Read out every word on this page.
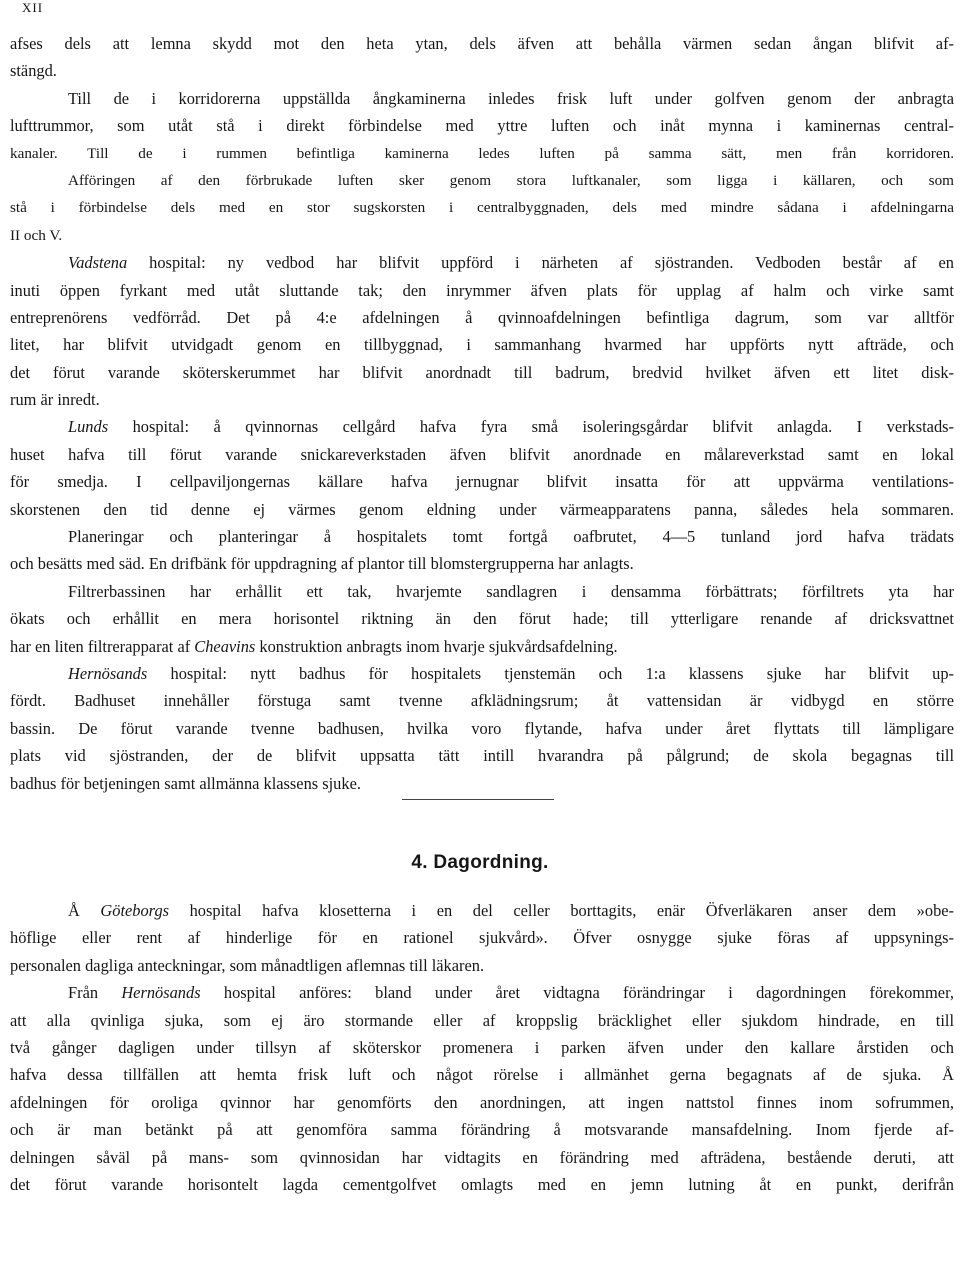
XII
afses dels att lemna skydd mot den heta ytan, dels äfven att behålla värmen sedan ångan blifvit af-
stängd.
Till de i korridorerna uppställda ångkaminerna inledes frisk luft under golfven genom der anbragta
lufttrummor, som utåt stå i direkt förbindelse med yttre luften och inåt mynna i kaminernas central-
kanaler. Till de i rummen befintliga kaminerna ledes luften på samma sätt, men från korridoren.
Afföringen af den förbrukade luften sker genom stora luftkanaler, som ligga i källaren, och som
stå i förbindelse dels med en stor sugskorsten i centralbyggnaden, dels med mindre sådana i afdelningarna
II och V.
Vadstena hospital: ny vedbod har blifvit uppförd i närheten af sjöstranden. Vedboden består af en
inuti öppen fyrkant med utåt sluttande tak; den inrymmer äfven plats för upplag af halm och virke samt
entreprenörens vedförråd. Det på 4:e afdelningen å qvinnoafdelningen befintliga dagrum, som var alltför
litet, har blifvit utvidgadt genom en tillbyggnad, i sammanhang hvarmed har uppförts nytt afträde, och
det förut varande sköterskerummet har blifvit anordnadt till badrum, bredvid hvilket äfven ett litet disk-
rum är inredt.
Lunds hospital: å qvinnornas cellgård hafva fyra små isoleringsgårdar blifvit anlagda. I verkstads-
huset hafva till förut varande snickareverkstaden äfven blifvit anordnade en målareverkstad samt en lokal
för smedja. I cellpaviljongernas källare hafva jernugnar blifvit insatta för att uppvärma ventilations-
skorstenen den tid denne ej värmes genom eldning under värmeapparatens panna, således hela sommaren.
Planeringar och planteringar å hospitalets tomt fortgå oafbrutet, 4—5 tunland jord hafva trädats
och besätts med säd. En drifbänk för uppdragning af plantor till blomstergrupperna har anlagts.
Filtrerbassinen har erhållit ett tak, hvarjemte sandlagren i densamma förbättrats; förfiltrets yta har
ökats och erhållit en mera horisontel riktning än den förut hade; till ytterligare renande af dricksvattnet
har en liten filtrerapparat af Cheavins konstruktion anbragts inom hvarje sjukvårdsafdelning.
Hernösands hospital: nytt badhus för hospitalets tjenstemän och 1:a klassens sjuke har blifvit up-
fördt. Badhuset innehåller förstuga samt tvenne afklädningsrum; åt vattensidan är vidbygd en större
bassin. De förut varande tvenne badhusen, hvilka voro flytande, hafva under året flyttats till lämpligare
plats vid sjöstranden, der de blifvit uppsatta tätt intill hvarandra på pålgrund; de skola begagnas till
badhus för betjeningen samt allmänna klassens sjuke.
4. Dagordning.
Å Göteborgs hospital hafva klosetterna i en del celler borttagits, enär Öfverläkaren anser dem »obe-
höflige eller rent af hinderlige för en rationel sjukvård». Öfver osnygge sjuke föras af uppsynings-
personalen dagliga anteckningar, som månadtligen aflemnas till läkaren.
Från Hernösands hospital anföres: bland under året vidtagna förändringar i dagordningen förekommer,
att alla qvinliga sjuka, som ej äro stormande eller af kroppslig bräcklighet eller sjukdom hindrade, en till
två gånger dagligen under tillsyn af sköterskor promenera i parken äfven under den kallare årstiden och
hafva dessa tillfällen att hemta frisk luft och något rörelse i allmänhet gerna begagnats af de sjuka. Å
afdelningen för oroliga qvinnor har genomförts den anordningen, att ingen nattstol finnes inom sofrummen,
och är man betänkt på att genomföra samma förändring å motsvarande mansafdelning. Inom fjerde af-
delningen såväl på mans- som qvinnosidan har vidtagits en förändring med afträdena, bestående deruti, att
det förut varande horisontelt lagda cementgolfvet omlagts med en jemn lutning åt en punkt, derifrån
